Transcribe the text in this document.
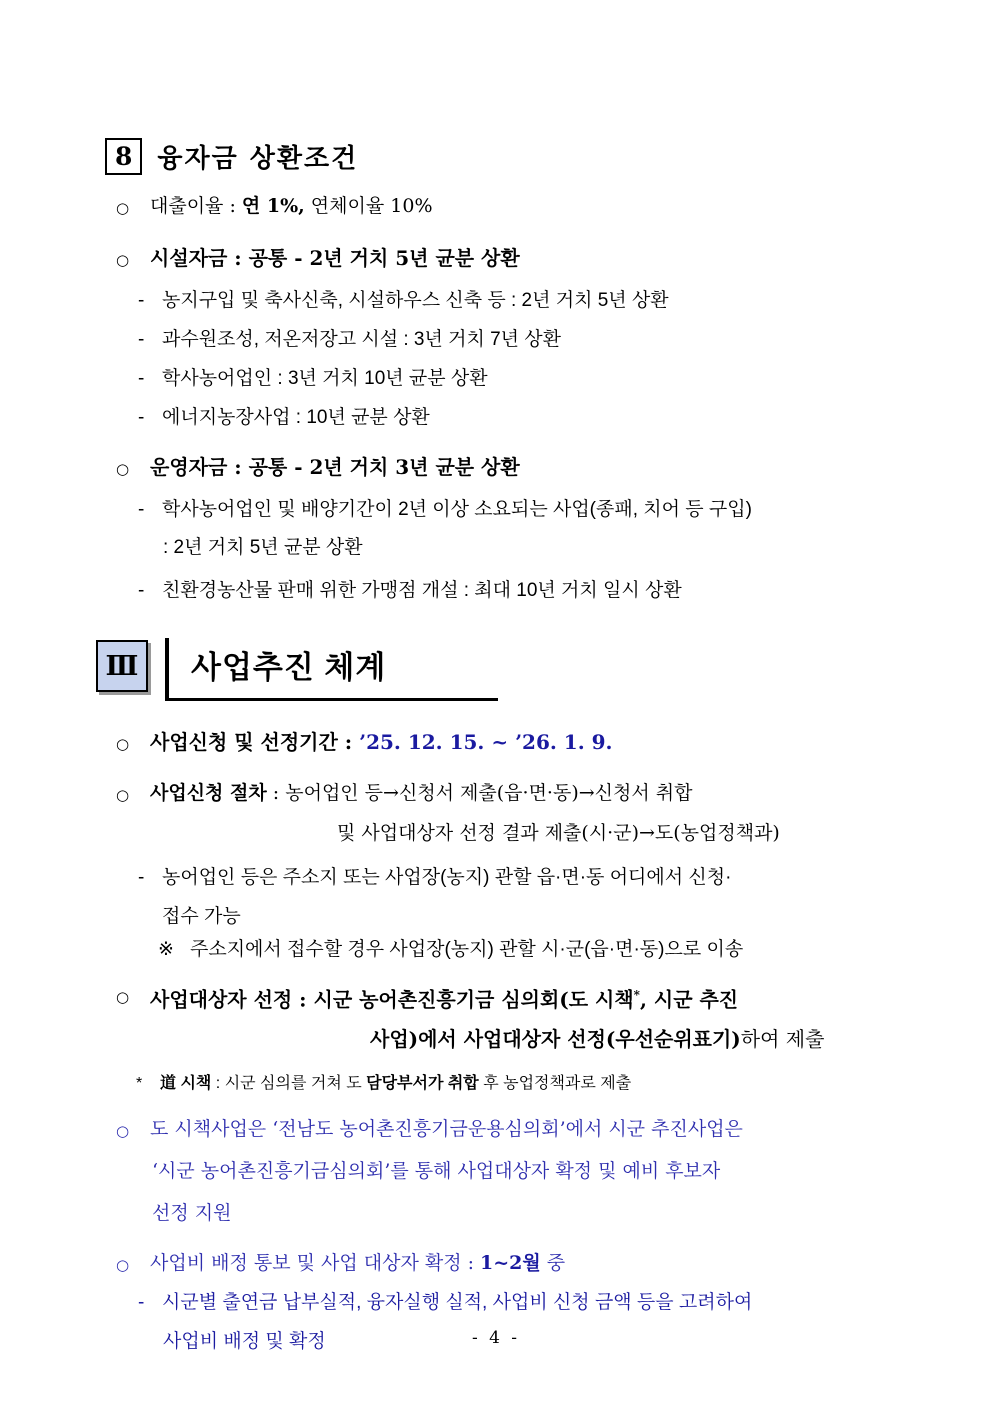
8 융자금 상환조건
○ 대출이율 : 연 1%, 연체이율 10%
○ 시설자금 : 공통 - 2년 거치 5년 균분 상환
- 농지구입 및 축사신축, 시설하우스 신축 등 : 2년 거치 5년 상환
- 과수원조성, 저온저장고 시설 : 3년 거치 7년 상환
- 학사농어업인 : 3년 거치 10년 균분 상환
- 에너지농장사업 : 10년 균분 상환
○ 운영자금 : 공통 - 2년 거치 3년 균분 상환
- 학사농어업인 및 배양기간이 2년 이상 소요되는 사업(종패, 치어 등 구입)
: 2년 거치 5년 균분 상환
- 친환경농산물 판매 위한 가맹점 개설 : 최대 10년 거치 일시 상환
Ⅲ	사업추진 체계
○ 사업신청 및 선정기간 : ’25. 12. 15. ~ ’26. 1. 9.
○ 사업신청 절차 : 농어업인 등→신청서 제출(읍·면·동)→신청서 취합
및 사업대상자 선정 결과 제출(시·군)→도(농업정책과)
- 농어업인 등은 주소지 또는 사업장(농지) 관할 읍·면·동 어디에서 신청·
접수 가능
※ 주소지에서 접수할 경우 사업장(농지) 관할 시·군(읍·면·동)으로 이송
○ 사업대상자 선정 : 시군 농어촌진흥기금 심의회(도 시책*, 시군 추진
사업)에서 사업대상자 선정(우선순위표기)하여 제출
* 道 시책 : 시군 심의를 거쳐 도 담당부서가 취합 후 농업정책과로 제출
○ 도 시책사업은 ‘전남도 농어촌진흥기금운용심의회’에서 시군 추진사업은
‘시군 농어촌진흥기금심의회’를 통해 사업대상자 확정 및 예비 후보자
선정 지원
○ 사업비 배정 통보 및 사업 대상자 확정 : 1~2월 중
- 시군별 출연금 납부실적, 융자실행 실적, 사업비 신청 금액 등을 고려하여
사업비 배정 및 확정	- 4 -
